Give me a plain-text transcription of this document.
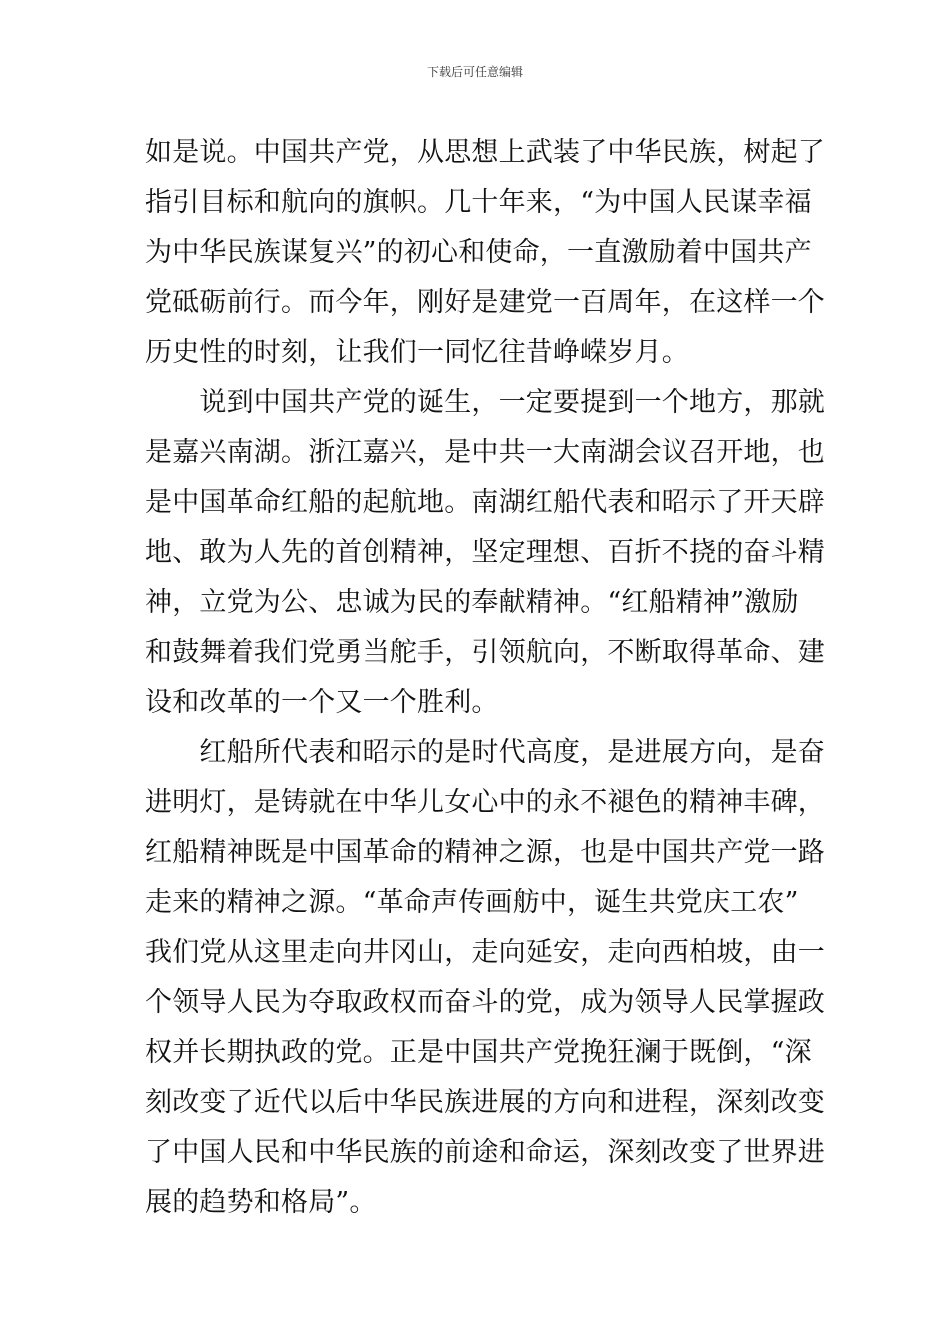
下载后可任意编辑
如是说。中国共产党，从思想上武装了中华民族，树起了
指引目标和航向的旗帜。几十年来，“为中国人民谋幸福
为中华民族谋复兴”的初心和使命，一直激励着中国共产
党砥砺前行。而今年，刚好是建党一百周年，在这样一个
历史性的时刻，让我们一同忆往昔峥嵘岁月。
　　说到中国共产党的诞生，一定要提到一个地方，那就
是嘉兴南湖。浙江嘉兴，是中共一大南湖会议召开地，也
是中国革命红船的起航地。南湖红船代表和昭示了开天辟
地、敢为人先的首创精神，坚定理想、百折不挠的奋斗精
神，立党为公、忠诚为民的奉献精神。“红船精神”激励
和鼓舞着我们党勇当舵手，引领航向，不断取得革命、建
设和改革的一个又一个胜利。
　　红船所代表和昭示的是时代高度，是进展方向，是奋
进明灯，是铸就在中华儿女心中的永不褪色的精神丰碑，
红船精神既是中国革命的精神之源，也是中国共产党一路
走来的精神之源。“革命声传画舫中，诞生共党庆工农”
我们党从这里走向井冈山，走向延安，走向西柏坡，由一
个领导人民为夺取政权而奋斗的党，成为领导人民掌握政
权并长期执政的党。正是中国共产党挽狂澜于既倒，“深
刻改变了近代以后中华民族进展的方向和进程，深刻改变
了中国人民和中华民族的前途和命运，深刻改变了世界进
展的趋势和格局”。
